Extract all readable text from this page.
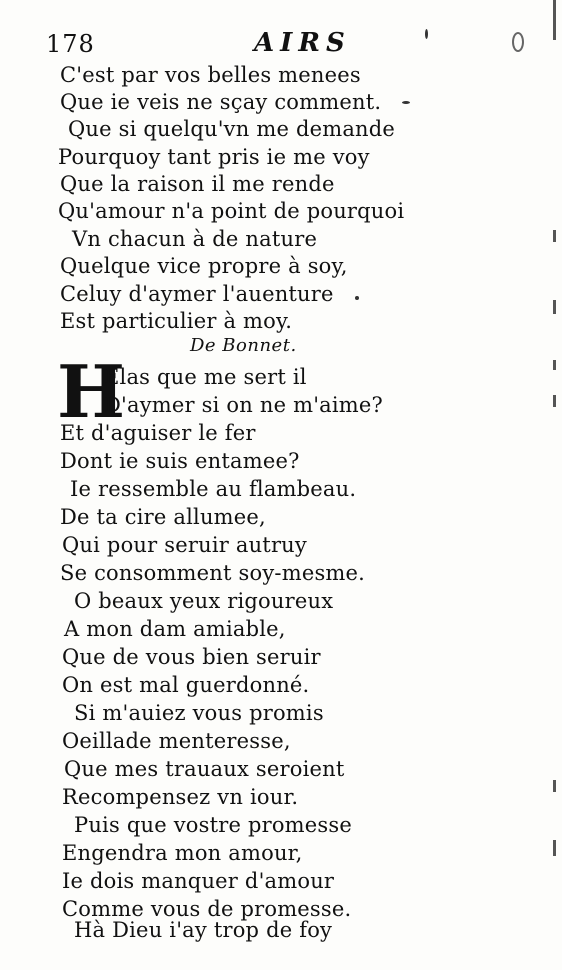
178	AIRS
C'est par vos belles menees
Que ie veis ne sçay comment.
Que si quelqu'vn me demande
Pourquoy tant pris ie me voy
Que la raison il me rende
Qu'amour n'a point de pourquoi
Vn chacun à de nature
Quelque vice propre à soy,
Celuy d'aymer l'auenture
Est particulier à moy.
De Bonnet.
H
Elas que me sert il
D'aymer si on ne m'aime?
Et d'aguiser le fer
Dont ie suis entamee?
Ie ressemble au flambeau.
De ta cire allumee,
Qui pour seruir autruy
Se consomment soy-mesme.
O beaux yeux rigoureux
A mon dam amiable,
Que de vous bien seruir
On est mal guerdonné.
Si m'auiez vous promis
Oeillade menteresse,
Que mes trauaux seroient
Recompensez vn iour.
Puis que vostre promesse
Engendra mon amour,
Ie dois manquer d'amour
Comme vous de promesse.
Hà Dieu i'ay trop de foy
